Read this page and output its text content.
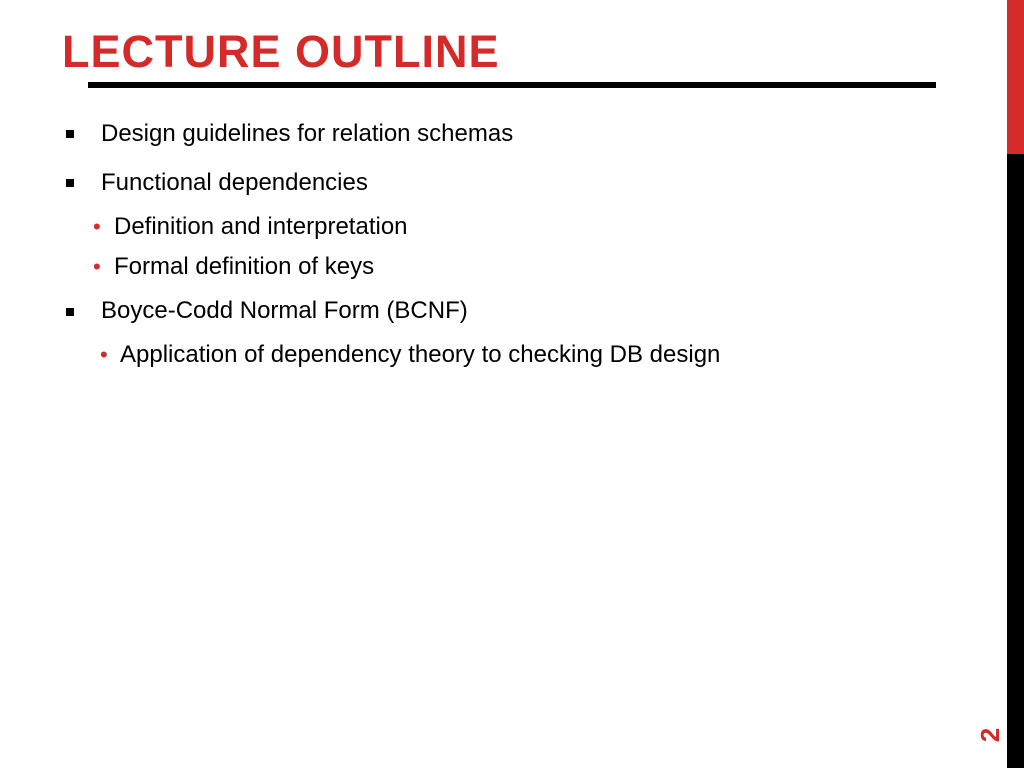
LECTURE OUTLINE
Design guidelines for relation schemas
Functional dependencies
• Definition and interpretation
• Formal definition of keys
Boyce-Codd Normal Form (BCNF)
• Application of dependency theory to checking DB design
2
